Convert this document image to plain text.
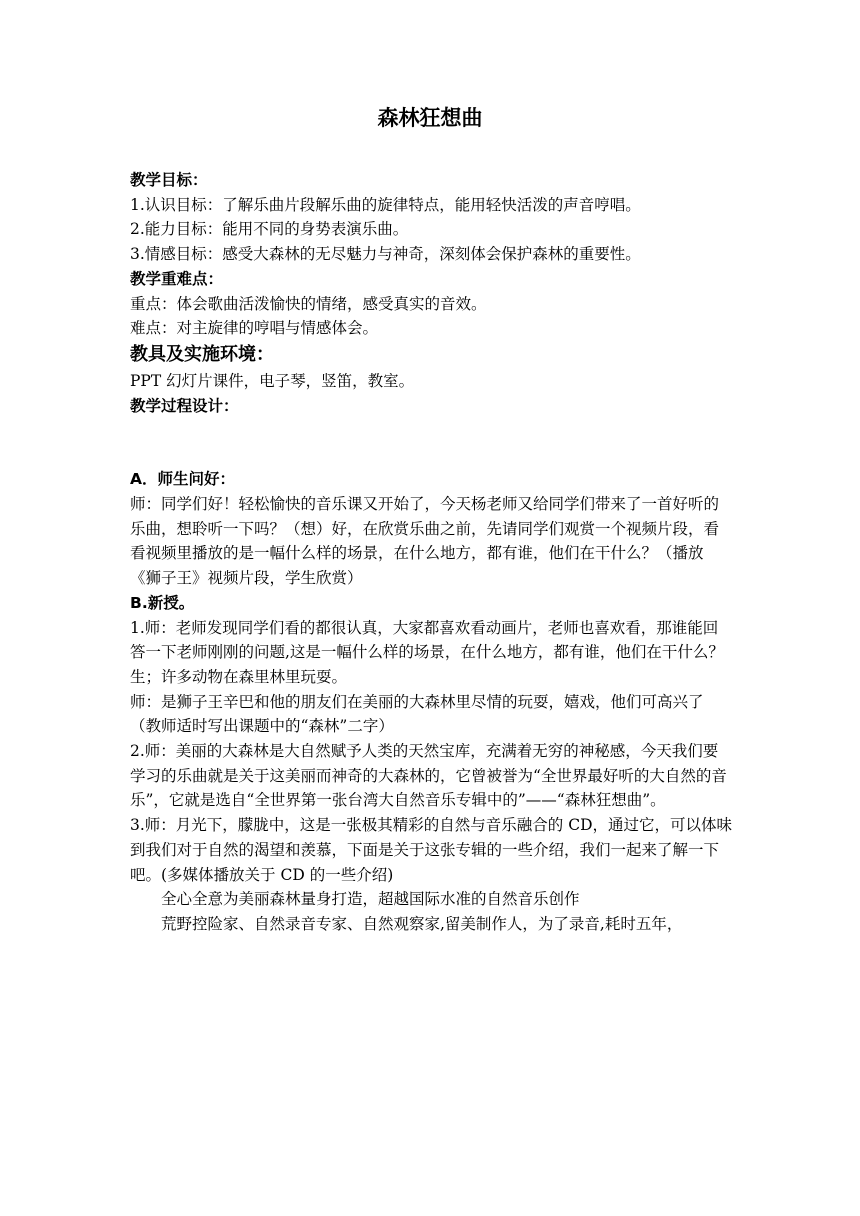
森林狂想曲

教学目标：

1.认识目标：了解乐曲片段解乐曲的旋律特点，能用轻快活泼的声音哼唱。

2.能力目标：能用不同的身势表演乐曲。

3.情感目标：感受大森林的无尽魅力与神奇，深刻体会保护森林的重要性。

教学重难点：

重点：体会歌曲活泼愉快的情绪，感受真实的音效。

难点：对主旋律的哼唱与情感体会。

教具及实施环境：

PPT 幻灯片课件，电子琴，竖笛，教室。

教学过程设计：

A．师生问好：

师：同学们好！轻松愉快的音乐课又开始了，今天杨老师又给同学们带来了一首好听的乐曲，想聆听一下吗？（想）好，在欣赏乐曲之前，先请同学们观赏一个视频片段，看看视频里播放的是一幅什么样的场景，在什么地方，都有谁，他们在干什么？（播放《狮子王》视频片段，学生欣赏）

B.新授。

1.师：老师发现同学们看的都很认真，大家都喜欢看动画片，老师也喜欢看，那谁能回答一下老师刚刚的问题,这是一幅什么样的场景，在什么地方，都有谁，他们在干什么？

生；许多动物在森里林里玩耍。

师：是狮子王辛巴和他的朋友们在美丽的大森林里尽情的玩耍，嬉戏，他们可高兴了（教师适时写出课题中的“森林”二字）

2.师：美丽的大森林是大自然赋予人类的天然宝库，充满着无穷的神秘感，今天我们要学习的乐曲就是关于这美丽而神奇的大森林的，它曾被誉为“全世界最好听的大自然的音乐”，它就是选自“全世界第一张台湾大自然音乐专辑中的”——“森林狂想曲”。

3.师：月光下，朦胧中，这是一张极其精彩的自然与音乐融合的 CD，通过它，可以体味到我们对于自然的渴望和羡慕，下面是关于这张专辑的一些介绍，我们一起来了解一下吧。(多媒体播放关于 CD 的一些介绍)

全心全意为美丽森林量身打造，超越国际水准的自然音乐创作

荒野控险家、自然录音专家、自然观察家,留美制作人，为了录音,耗时五年，
